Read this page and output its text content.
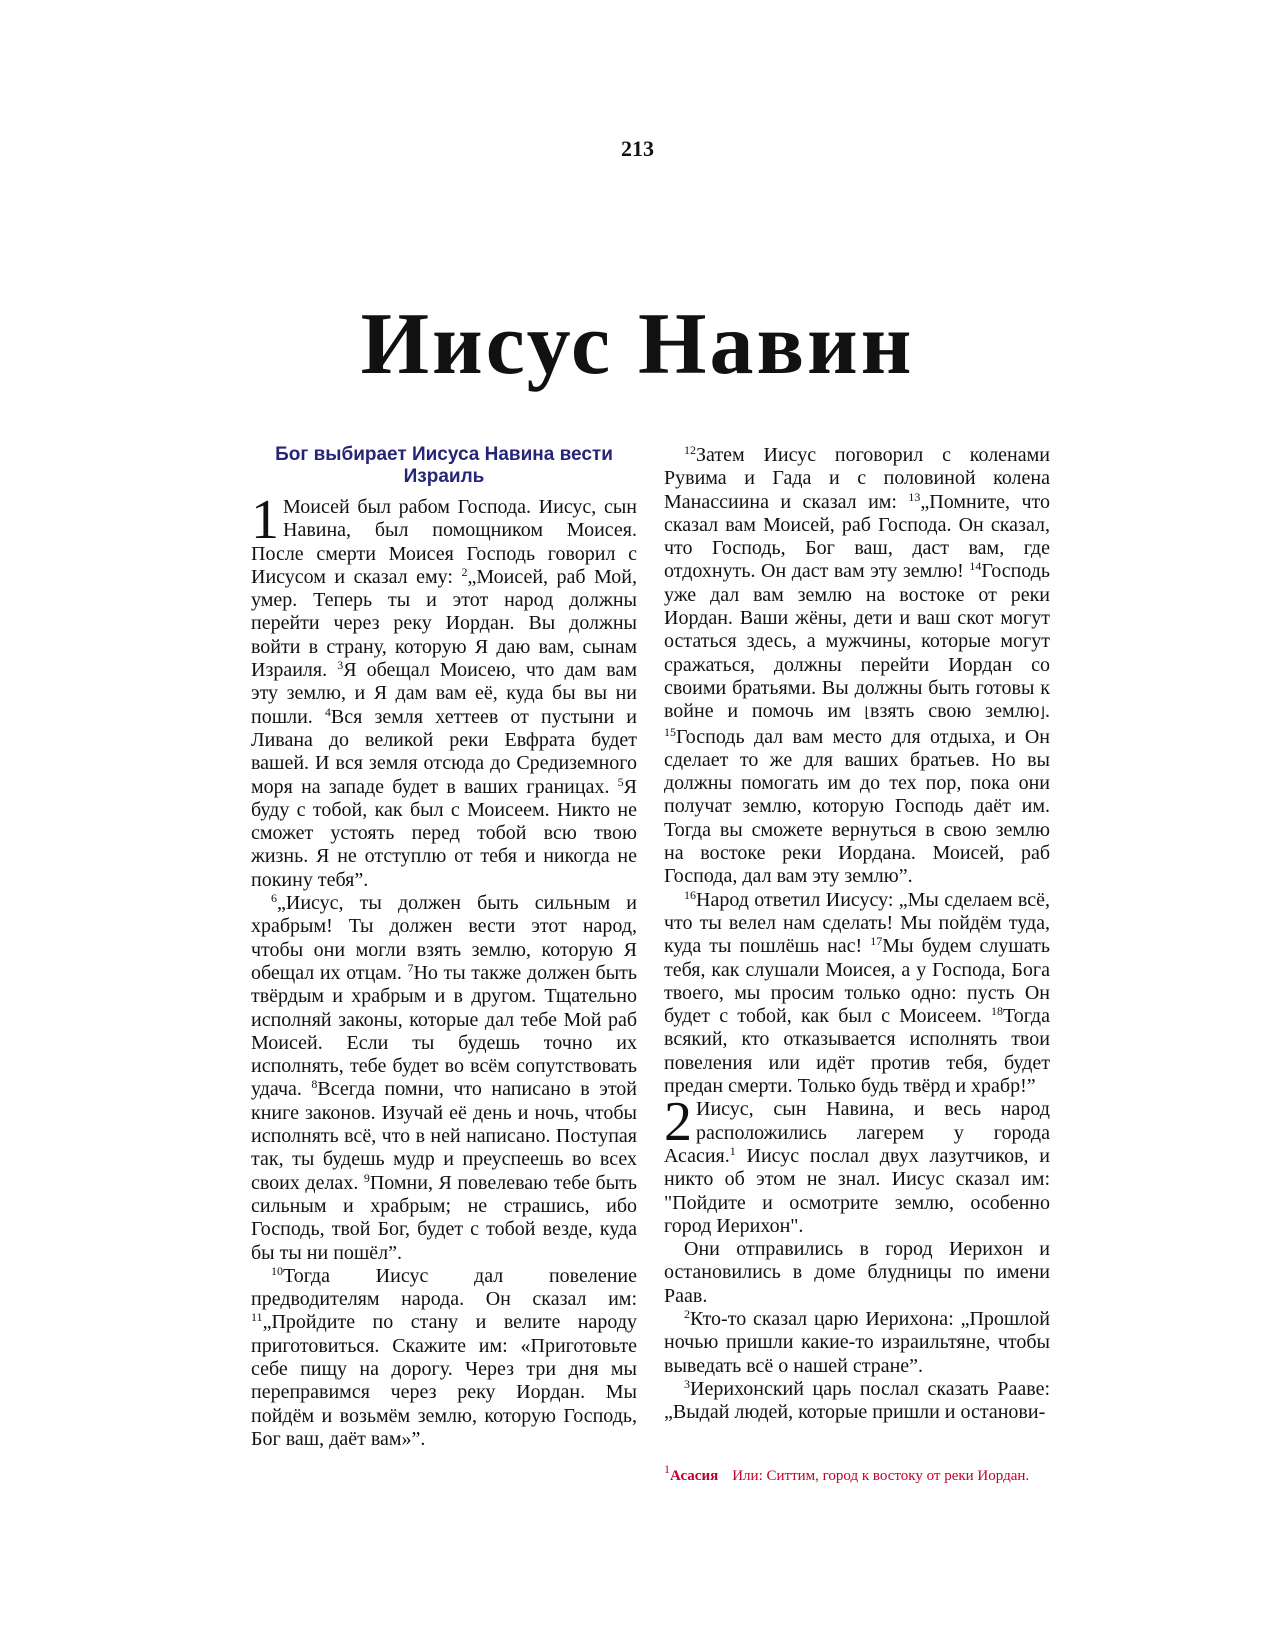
213
Иисус Навин
Бог выбирает Иисуса Навина вести Израиль

1 Моисей был рабом Господа. Иисус, сын Навина, был помощником Моисея. После смерти Моисея Господь говорил с Иисусом и сказал ему: $^2$„Моисей, раб Мой, умер. Теперь ты и этот народ должны перейти через реку Иордан. Вы должны войти в страну, которую Я даю вам, сынам Израиля. $^3$Я обещал Моисею, что дам вам эту землю, и Я дам вам её, куда бы вы ни пошли. $^4$Вся земля хеттеев от пустыни и Ливана до великой реки Евфрата будет вашей. И вся земля отсюда до Средиземного моря на западе будет в ваших границах. $^5$Я буду с тобой, как был с Моисеем. Никто не сможет устоять перед тобой всю твою жизнь. Я не отступлю от тебя и никогда не покину тебя”.

$^6$„Иисус, ты должен быть сильным и храбрым! Ты должен вести этот народ, чтобы они могли взять землю, которую Я обещал их отцам. $^7$Но ты также должен быть твёрдым и храбрым и в другом. Тщательно исполняй законы, которые дал тебе Мой раб Моисей. Если ты будешь точно их исполнять, тебе будет во всём сопутствовать удача. $^8$Всегда помни, что написано в этой книге законов. Изучай её день и ночь, чтобы исполнять всё, что в ней написано. Поступая так, ты будешь мудр и преуспеешь во всех своих делах. $^9$Помни, Я повелеваю тебе быть сильным и храбрым; не страшись, ибо Господь, твой Бог, будет с тобой везде, куда бы ты ни пошёл”.

$^{10}$Тогда Иисус дал повеление предводителям народа. Он сказал им: $^{11}$„Пройдите по стану и велите народу приготовиться. Скажите им: «Приготовьте себе пищу на дорогу. Через три дня мы переправимся через реку Иордан. Мы пойдём и возьмём землю, которую Господь, Бог ваш, даёт вам»”.

$^{12}$Затем Иисус поговорил с коленами Рувима и Гада и с половиной колена Манассиина и сказал им: $^{13}$„Помните, что сказал вам Моисей, раб Господа. Он сказал, что Господь, Бог ваш, даст вам, где отдохнуть. Он даст вам эту землю! $^{14}$Господь уже дал вам землю на востоке от реки Иордан. Ваши жёны, дети и ваш скот могут остаться здесь, а мужчины, которые могут сражаться, должны перейти Иордан со своими братьями. Вы должны быть готовы к войне и помочь им ⌊взять свою землю⌋. $^{15}$Господь дал вам место для отдыха, и Он сделает то же для ваших братьев. Но вы должны помогать им до тех пор, пока они получат землю, которую Господь даёт им. Тогда вы сможете вернуться в свою землю на востоке реки Иордана. Моисей, раб Господа, дал вам эту землю”.

$^{16}$Народ ответил Иисусу: „Мы сделаем всё, что ты велел нам сделать! Мы пойдём туда, куда ты пошлёшь нас! $^{17}$Мы будем слушать тебя, как слушали Моисея, а у Господа, Бога твоего, мы просим только одно: пусть Он будет с тобой, как был с Моисеем. $^{18}$Тогда всякий, кто отказывается исполнять твои повеления или идёт против тебя, будет предан смерти. Только будь твёрд и храбр!”

2 Иисус, сын Навина, и весь народ расположились лагерем у города Асасия.$^1$ Иисус послал двух лазутчиков, и никто об этом не знал. Иисус сказал им: "Пойдите и осмотрите землю, особенно город Иерихон".

Они отправились в город Иерихон и остановились в доме блудницы по имени Раав.

$^2$Кто-то сказал царю Иерихона: „Прошлой ночью пришли какие-то израильтяне, чтобы выведать всё о нашей стране”.

$^3$Иерихонский царь послал сказать Рааве: „Выдай людей, которые пришли и останови-

$^1$Асасия Или: Ситтим, город к востоку от реки Иордан.
